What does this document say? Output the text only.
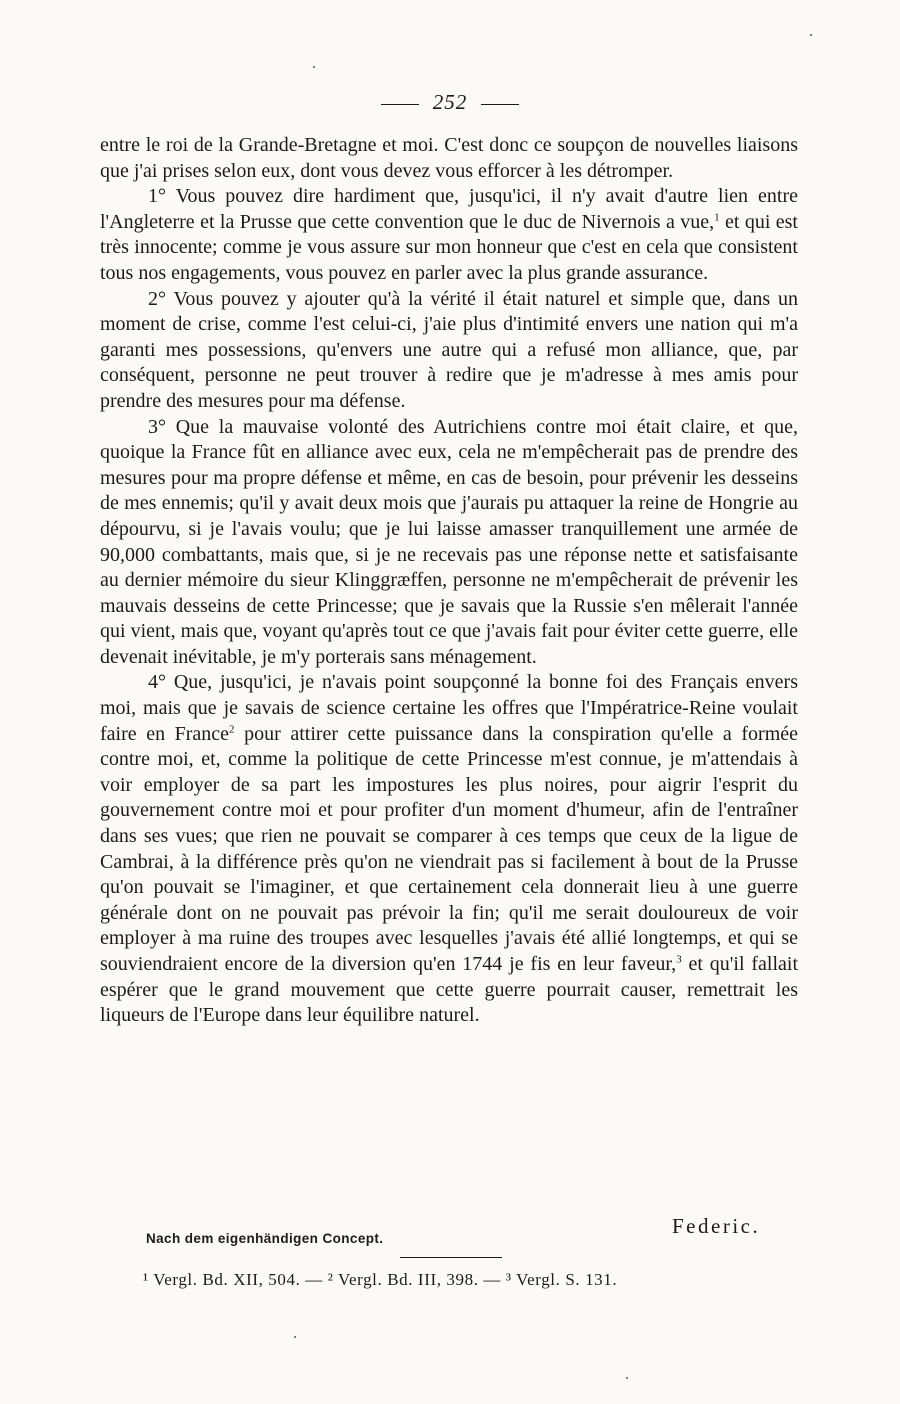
252

entre le roi de la Grande-Bretagne et moi. C'est donc ce soupçon de nouvelles liaisons que j'ai prises selon eux, dont vous devez vous efforcer à les détromper.

1° Vous pouvez dire hardiment que, jusqu'ici, il n'y avait d'autre lien entre l'Angleterre et la Prusse que cette convention que le duc de Nivernois a vue,$^1$ et qui est très innocente; comme je vous assure sur mon honneur que c'est en cela que consistent tous nos engagements, vous pouvez en parler avec la plus grande assurance.

2° Vous pouvez y ajouter qu'à la vérité il était naturel et simple que, dans un moment de crise, comme l'est celui-ci, j'aie plus d'intimité envers une nation qui m'a garanti mes possessions, qu'envers une autre qui a refusé mon alliance, que, par conséquent, personne ne peut trouver à redire que je m'adresse à mes amis pour prendre des mesures pour ma défense.

3° Que la mauvaise volonté des Autrichiens contre moi était claire, et que, quoique la France fût en alliance avec eux, cela ne m'empêcherait pas de prendre des mesures pour ma propre défense et même, en cas de besoin, pour prévenir les desseins de mes ennemis; qu'il y avait deux mois que j'aurais pu attaquer la reine de Hongrie au dépourvu, si je l'avais voulu; que je lui laisse amasser tranquillement une armée de 90,000 combattants, mais que, si je ne recevais pas une réponse nette et satisfaisante au dernier mémoire du sieur Klinggræffen, personne ne m'empêcherait de prévenir les mauvais desseins de cette Princesse; que je savais que la Russie s'en mêlerait l'année qui vient, mais que, voyant qu'après tout ce que j'avais fait pour éviter cette guerre, elle devenait inévitable, je m'y porterais sans ménagement.

4° Que, jusqu'ici, je n'avais point soupçonné la bonne foi des Français envers moi, mais que je savais de science certaine les offres que l'Impératrice-Reine voulait faire en France$^2$ pour attirer cette puissance dans la conspiration qu'elle a formée contre moi, et, comme la politique de cette Princesse m'est connue, je m'attendais à voir employer de sa part les impostures les plus noires, pour aigrir l'esprit du gouvernement contre moi et pour profiter d'un moment d'humeur, afin de l'entraîner dans ses vues; que rien ne pouvait se comparer à ces temps que ceux de la ligue de Cambrai, à la différence près qu'on ne viendrait pas si facilement à bout de la Prusse qu'on pouvait se l'imaginer, et que certainement cela donnerait lieu à une guerre générale dont on ne pouvait pas prévoir la fin; qu'il me serait douloureux de voir employer à ma ruine des troupes avec lesquelles j'avais été allié longtemps, et qui se souviendraient encore de la diversion qu'en 1744 je fis en leur faveur,$^3$ et qu'il fallait espérer que le grand mouvement que cette guerre pourrait causer, remettrait les liqueurs de l'Europe dans leur équilibre naturel.

Federic.
Nach dem eigenhändigen Concept.
¹ Vergl. Bd. XII, 504. — ² Vergl. Bd. III, 398. — ³ Vergl. S. 131.
